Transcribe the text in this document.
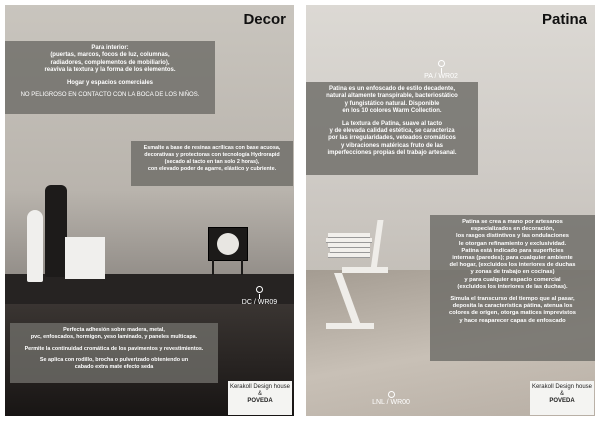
Decor

Para interior:
(puertas, marcos, focos de luz, columnas,
radiadores, complementos de mobiliario),
reaviva la textura y la forma de los elementos.

Hogar y espacios comerciales

NO PELIGROSO EN CONTACTO CON LA BOCA DE LOS NIÑOS.

Esmalte a base de resinas acrílicas con base acuosa,
decorativas y protectoras con tecnología Hydrorapid
(secado al tacto en tan solo 2 horas),
con elevado poder de agarre, elástico y cubriente.

DC / WR09

Perfecta adhesión sobre madera, metal,
pvc, enfoscados, hormigon, yeso laminado, y paneles multicapa.

Permite la continuidad cromática de los pavimentos y revestimientos.

Se aplica con rodillo, brocha o pulverizado obteniendo un
cabado extra mate efecto seda

Kerakoll Design house
&
POVEDA
Patina
PA / WR02

Patina es un enfoscado de estilo decadente,
natural altamente transpirable, bacteriostático
y fungistático natural. Disponible
en los 10 colores Warm Collection.

La textura de Patina, suave al tacto
y de elevada calidad estética, se caracteriza
por las irregularidades, veteados cromáticos
y vibraciones matéricas fruto de las
imperfecciones propias del trabajo artesanal.

Patina se crea a mano por artesanos
especializados en decoración,
los rasgos distintivos y las ondulaciones
le otorgan refinamiento y exclusividad.
Patina está indicado para superficies
internas (paredes); para cualquier ambiente
del hogar, (excluidos los interiores de duchas
y zonas de trabajo en cocinas)
y para cualquier espacio comercial
(excluidos los interiores de las duchas).

Simula el transcurso del tiempo que al pasar,
deposita la característica pátina, atenua los
colores de origen, otorga matices imprevistos
y hace reaparecer capas de enfoscado

LNL / WR00
Kerakoll Design house
&
POVEDA
